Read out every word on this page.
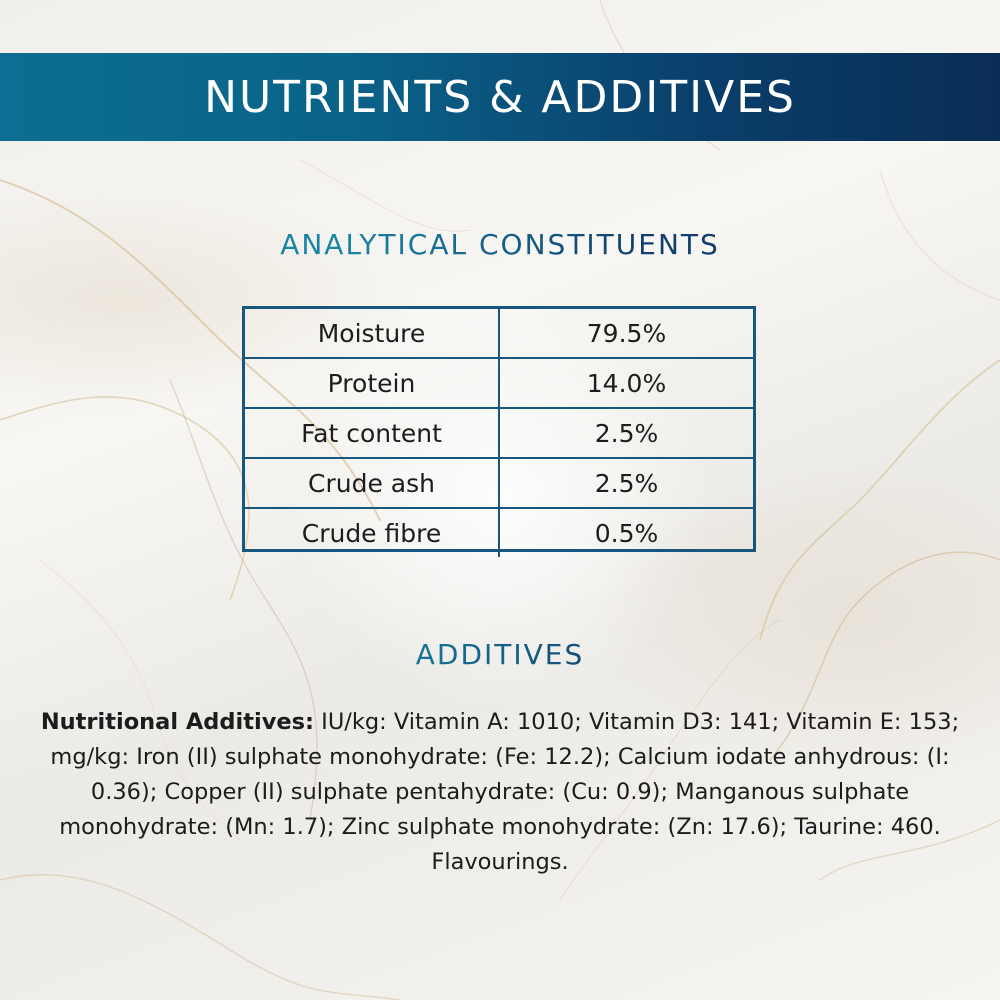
NUTRIENTS & ADDITIVES
ANALYTICAL CONSTITUENTS
Moisture	79.5%
Protein	14.0%
Fat content	2.5%
Crude ash	2.5%
Crude fibre	0.5%
ADDITIVES
Nutritional Additives: IU/kg: Vitamin A: 1010; Vitamin D3: 141; Vitamin E: 153; mg/kg: Iron (II) sulphate monohydrate: (Fe: 12.2); Calcium iodate anhydrous: (I: 0.36); Copper (II) sulphate pentahydrate: (Cu: 0.9); Manganous sulphate monohydrate: (Mn: 1.7); Zinc sulphate monohydrate: (Zn: 17.6); Taurine: 460. Flavourings.
